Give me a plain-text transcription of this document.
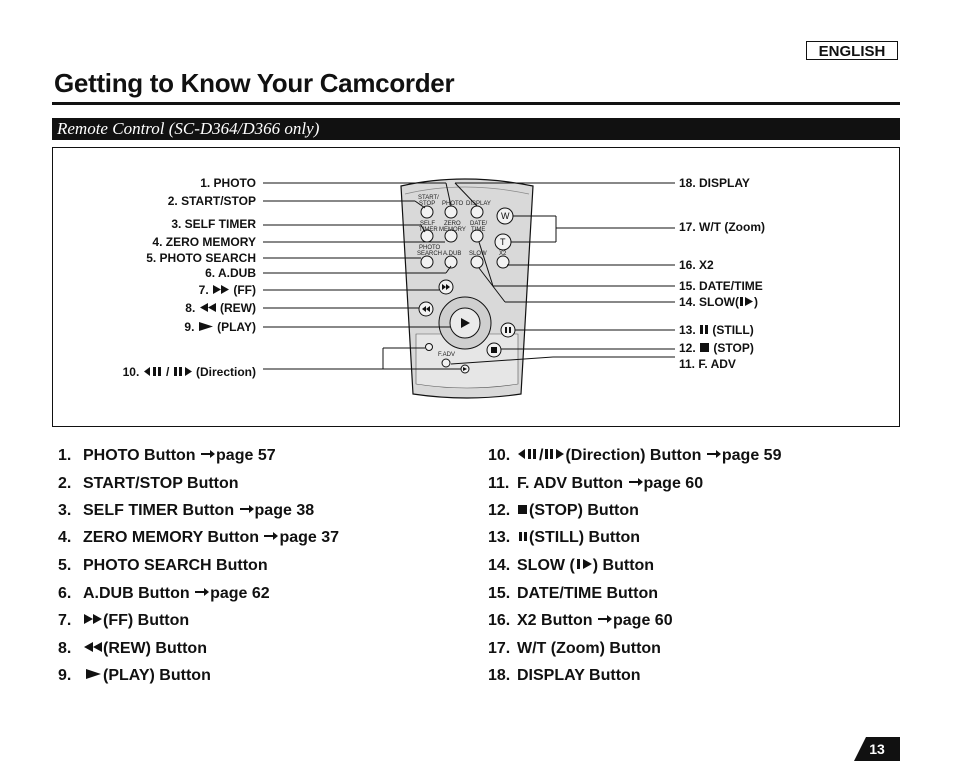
ENGLISH
Getting to Know Your Camcorder
Remote Control (SC-D364/D366 only)
START/
STOP PHOTO DISPLAY
SELF
TIMER
ZERO
MEMORY
DATE/
TIME
PHOTO
SEARCH A.DUB SLOW X2
W
T
F.ADV
1. PHOTO
2. START/STOP
3. SELF TIMER
4. ZERO MEMORY
5. PHOTO SEARCH
6. A.DUB
7. (FF)
8. (REW)
9. (PLAY)
10. / (Direction)
18. DISPLAY
17. W/T (Zoom)
16. X2
15. DATE/TIME
14. SLOW( )
13. (STILL)
12. (STOP)
11. F. ADV
1. PHOTO Button page 57
2. START/STOP Button
3. SELF TIMER Button page 38
4. ZERO MEMORY Button page 37
5. PHOTO SEARCH Button
6. A.DUB Button page 62
7. (FF) Button
8. (REW) Button
9. (PLAY) Button
10. / (Direction) Button page 59
11. F. ADV Button page 60
12. (STOP) Button
13. (STILL) Button
14. SLOW ( ) Button
15. DATE/TIME Button
16. X2 Button page 60
17. W/T (Zoom) Button
18. DISPLAY Button
13
